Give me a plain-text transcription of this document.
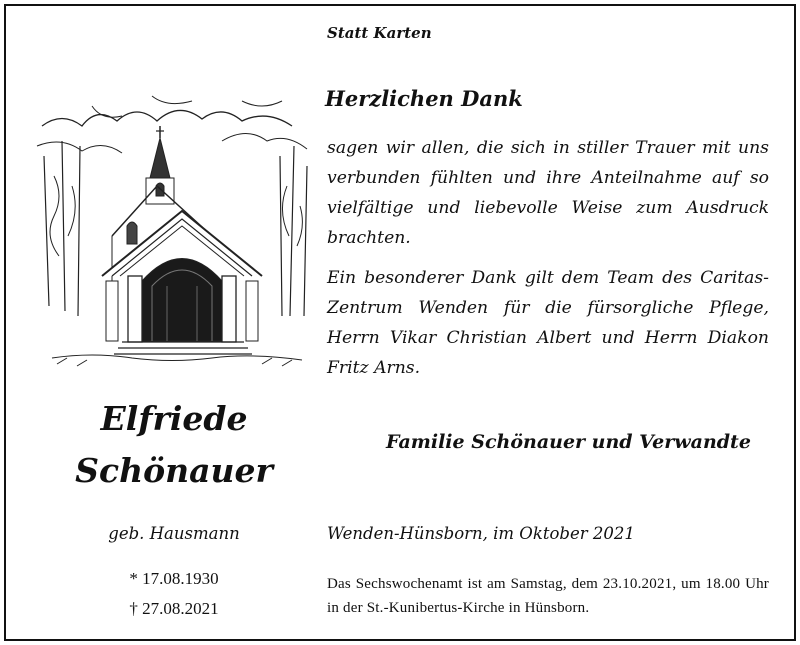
Statt Karten
Herzlichen Dank
sagen wir allen, die sich in stiller Trauer mit uns verbunden fühlten und ihre Anteilnahme auf so vielfältige und liebevolle Weise zum Ausdruck brachten.
Ein besonderer Dank gilt dem Team des Caritas-Zentrum Wenden für die fürsorgliche Pflege, Herrn Vikar Christian Albert und Herrn Diakon Fritz Arns.
Elfriede
Schönauer
Familie Schönauer und Verwandte
geb. Hausmann	Wenden-Hünsborn, im Oktober 2021
* 17.08.1930
† 27.08.2021
Das Sechswochenamt ist am Samstag, dem 23.10.2021, um 18.00 Uhr in der St.-Kunibertus-Kirche in Hünsborn.
